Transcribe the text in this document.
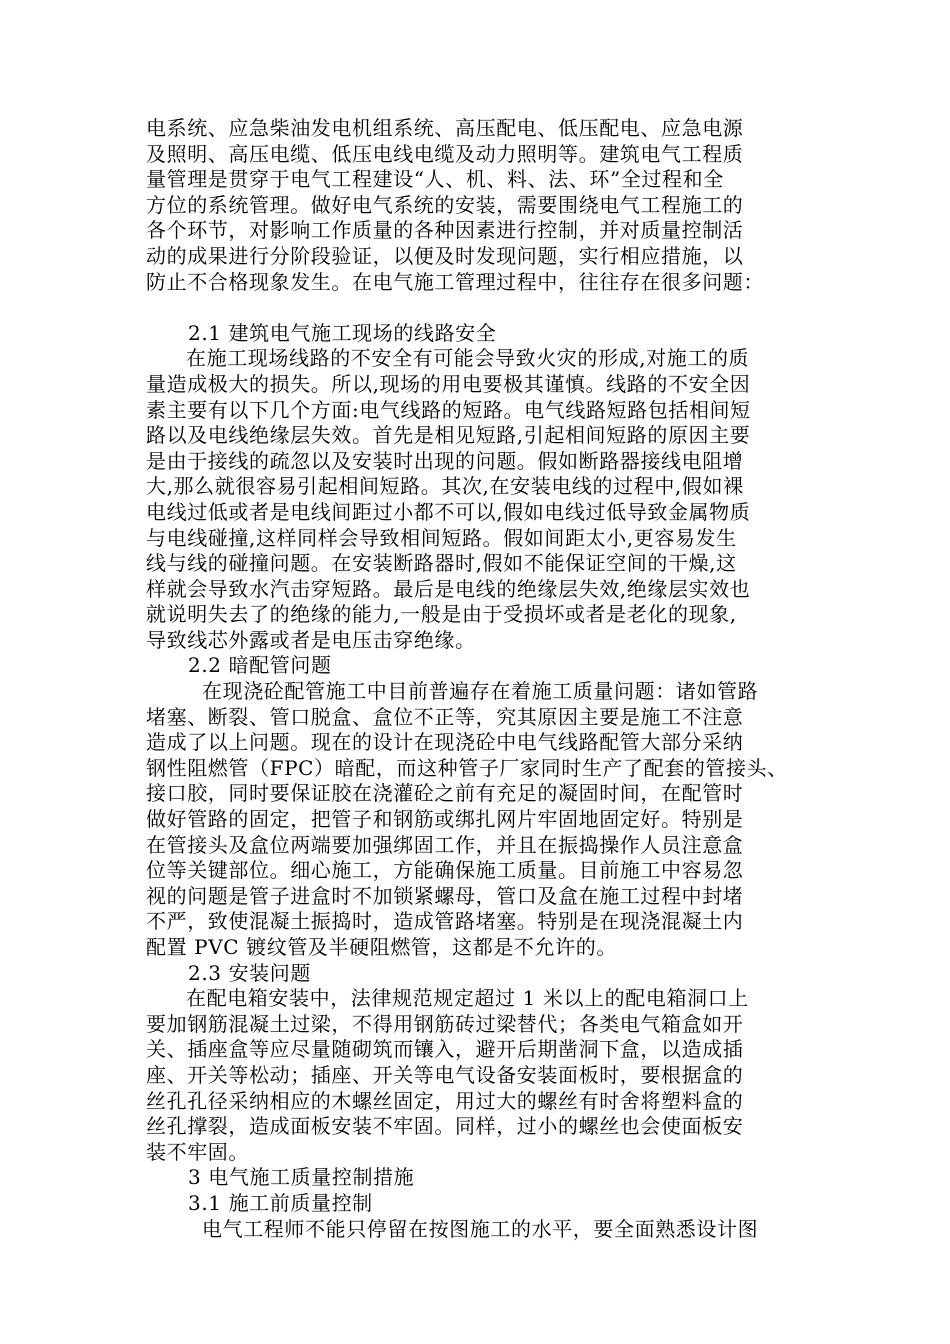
电系统、应急柴油发电机组系统、高压配电、低压配电、应急电源
及照明、高压电缆、低压电线电缆及动力照明等。建筑电气工程质
量管理是贯穿于电气工程建设“人、机、料、法、环”全过程和全
方位的系统管理。做好电气系统的安装，需要围绕电气工程施工的
各个环节，对影响工作质量的各种因素进行控制，并对质量控制活
动的成果进行分阶段验证，以便及时发现问题，实行相应措施，以
防止不合格现象发生。在电气施工管理过程中，往往存在很多问题：
2.1 建筑电气施工现场的线路安全
在施工现场线路的不安全有可能会导致火灾的形成,对施工的质
量造成极大的损失。所以,现场的用电要极其谨慎。线路的不安全因
素主要有以下几个方面:电气线路的短路。电气线路短路包括相间短
路以及电线绝缘层失效。首先是相见短路,引起相间短路的原因主要
是由于接线的疏忽以及安装时出现的问题。假如断路器接线电阻增
大,那么就很容易引起相间短路。其次,在安装电线的过程中,假如裸
电线过低或者是电线间距过小都不可以,假如电线过低导致金属物质
与电线碰撞,这样同样会导致相间短路。假如间距太小,更容易发生
线与线的碰撞问题。在安装断路器时,假如不能保证空间的干燥,这
样就会导致水汽击穿短路。最后是电线的绝缘层失效,绝缘层实效也
就说明失去了的绝缘的能力,一般是由于受损坏或者是老化的现象,
导致线芯外露或者是电压击穿绝缘。
2.2 暗配管问题
在现浇砼配管施工中目前普遍存在着施工质量问题：诸如管路
堵塞、断裂、管口脱盒、盒位不正等，究其原因主要是施工不注意
造成了以上问题。现在的设计在现浇砼中电气线路配管大部分采纳
钢性阻燃管（FPC）暗配，而这种管子厂家同时生产了配套的管接头、
接口胶，同时要保证胶在浇灌砼之前有充足的凝固时间，在配管时
做好管路的固定，把管子和钢筋或绑扎网片牢固地固定好。特别是
在管接头及盒位两端要加强绑固工作，并且在振捣操作人员注意盒
位等关键部位。细心施工，方能确保施工质量。目前施工中容易忽
视的问题是管子进盒时不加锁紧螺母，管口及盒在施工过程中封堵
不严，致使混凝土振捣时，造成管路堵塞。特别是在现浇混凝土内
配置 PVC 镀纹管及半硬阻燃管，这都是不允许的。
2.3 安装问题
在配电箱安装中，法律规范规定超过 1 米以上的配电箱洞口上
要加钢筋混凝土过梁，不得用钢筋砖过梁替代；各类电气箱盒如开
关、插座盒等应尽量随砌筑而镶入，避开后期凿洞下盒，以造成插
座、开关等松动；插座、开关等电气设备安装面板时，要根据盒的
丝孔孔径采纳相应的木螺丝固定，用过大的螺丝有时舍将塑料盒的
丝孔撑裂，造成面板安装不牢固。同样，过小的螺丝也会使面板安
装不牢固。
3 电气施工质量控制措施
3.1 施工前质量控制
电气工程师不能只停留在按图施工的水平，要全面熟悉设计图
